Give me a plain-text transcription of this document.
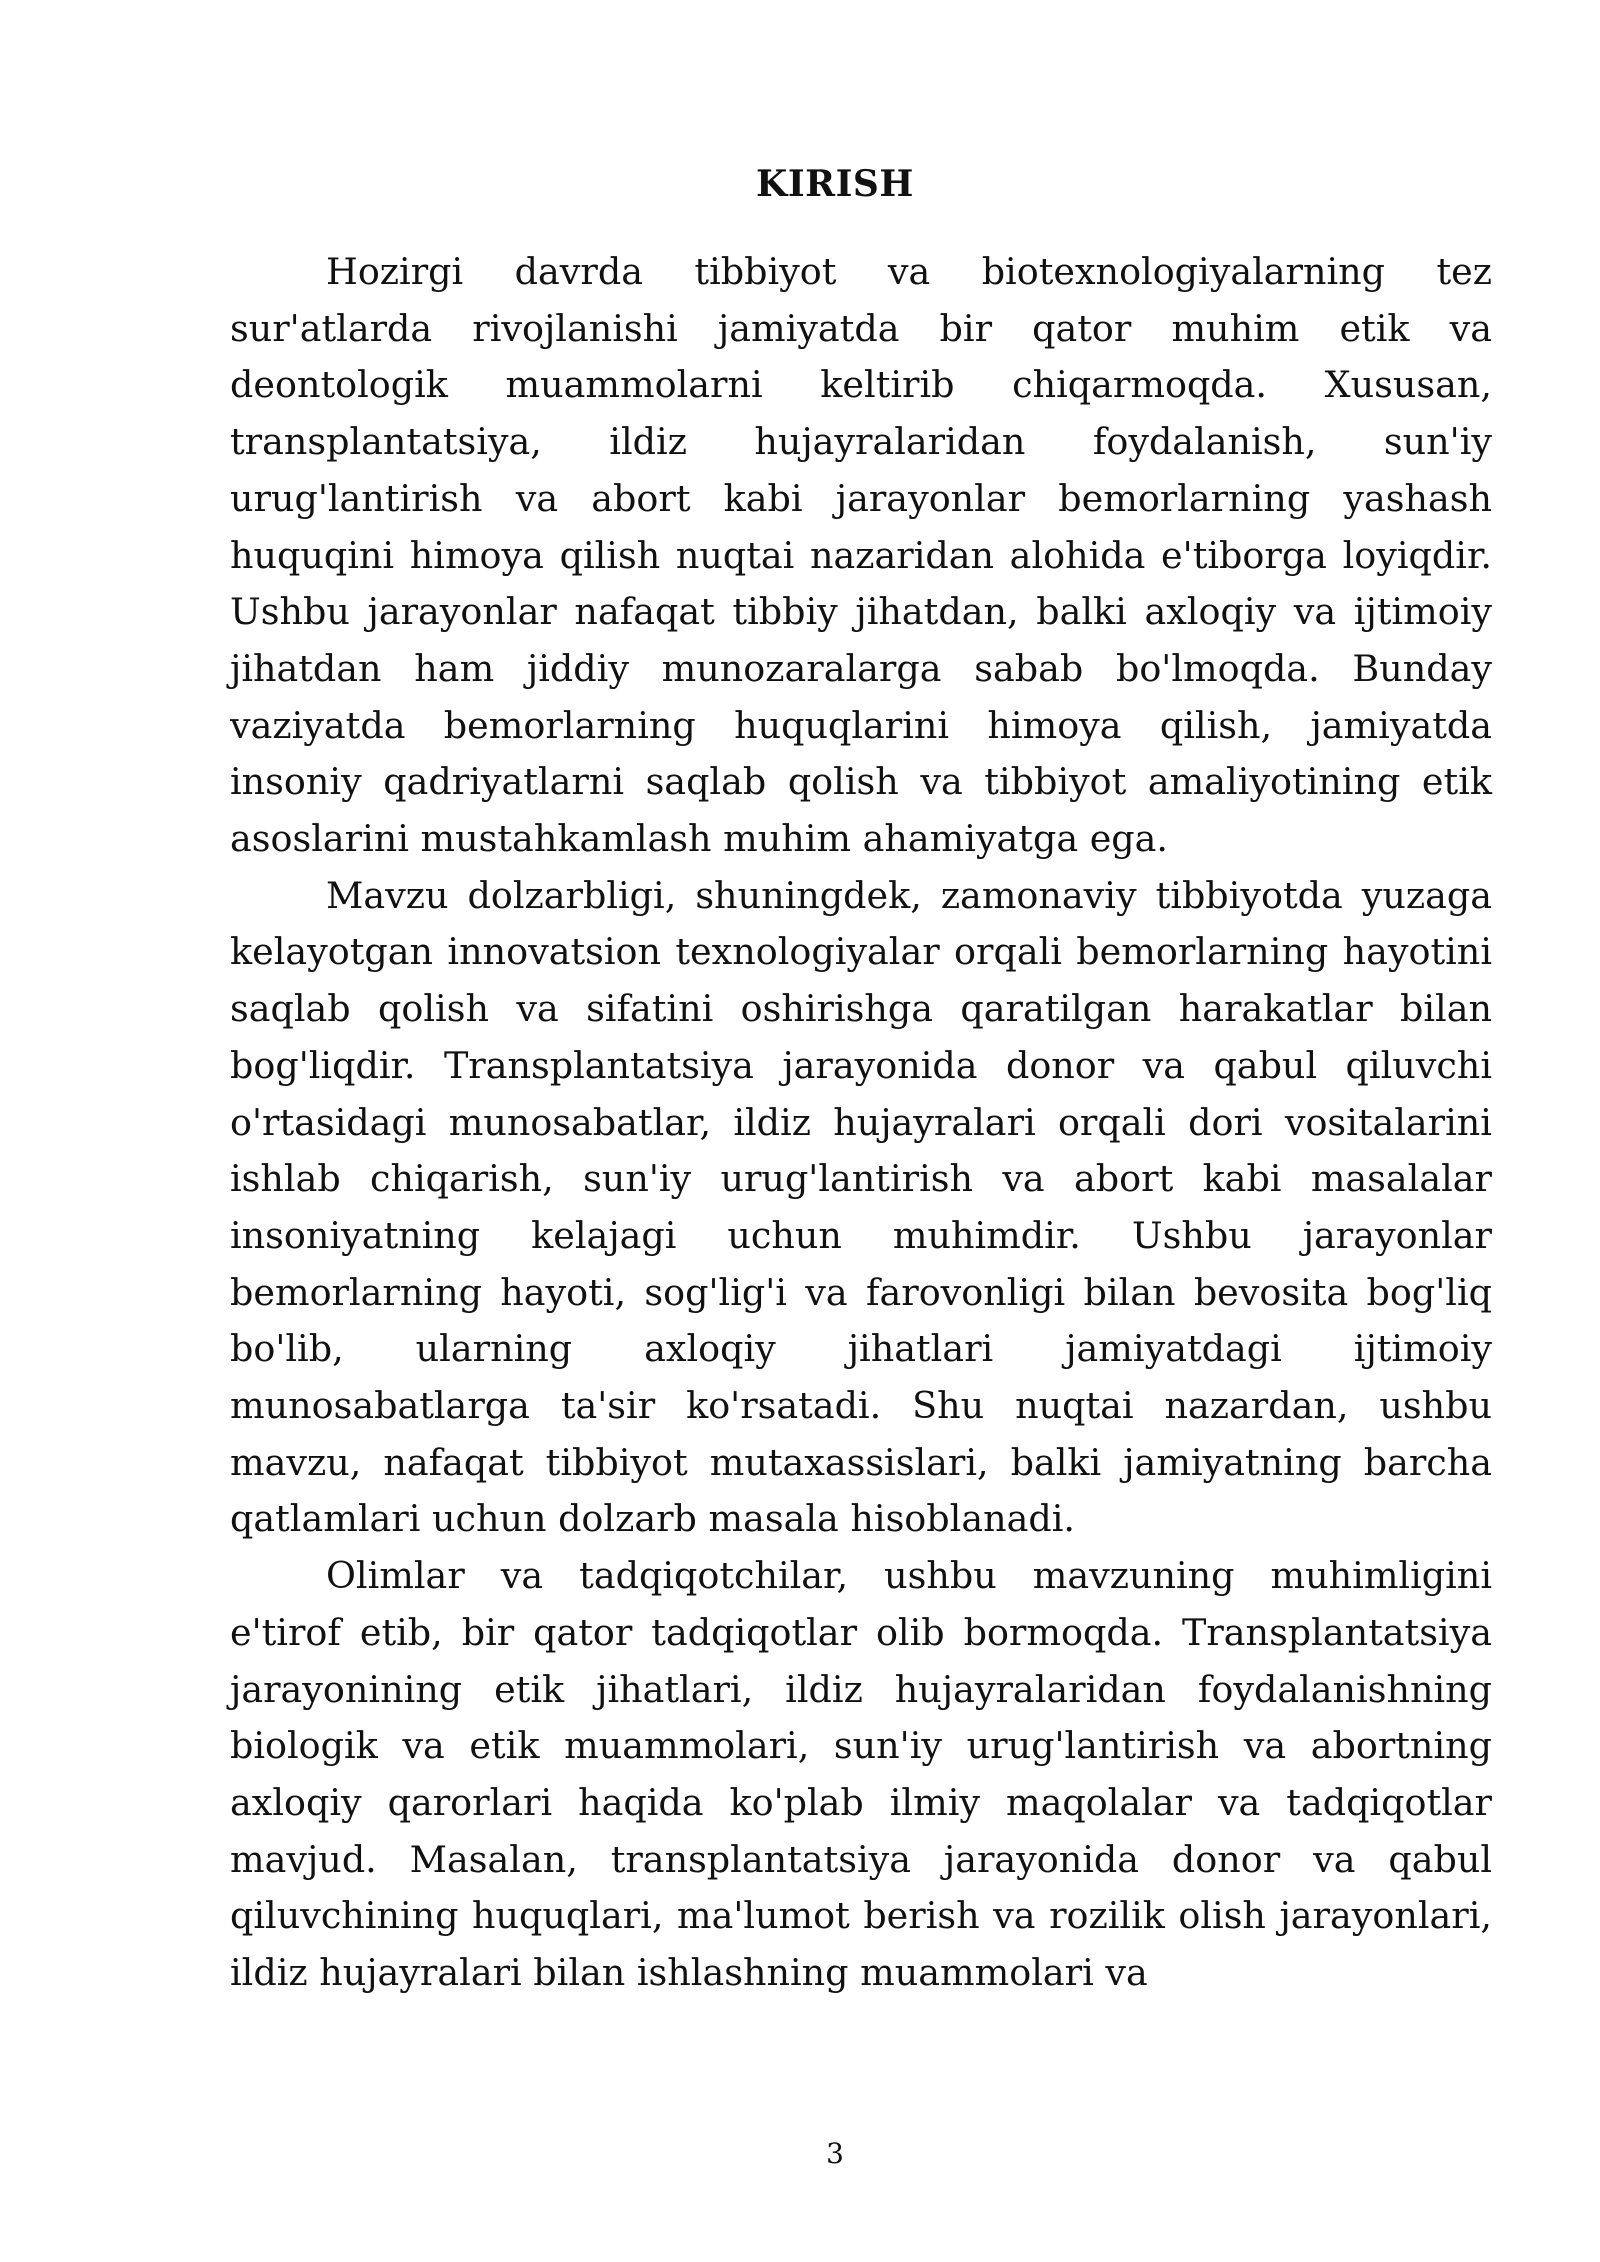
KIRISH

Hozirgi davrda tibbiyot va biotexnologiyalarning tez sur'atlarda rivojlanishi jamiyatda bir qator muhim etik va deontologik muammolarni keltirib chiqarmoqda. Xususan, transplantatsiya, ildiz hujayralaridan foydalanish, sun'iy urug'lantirish va abort kabi jarayonlar bemorlarning yashash huquqini himoya qilish nuqtai nazaridan alohida e'tiborga loyiqdir. Ushbu jarayonlar nafaqat tibbiy jihatdan, balki axloqiy va ijtimoiy jihatdan ham jiddiy munozaralarga sabab bo'lmoqda. Bunday vaziyatda bemorlarning huquqlarini himoya qilish, jamiyatda insoniy qadriyatlarni saqlab qolish va tibbiyot amaliyotining etik asoslarini mustahkamlash muhim ahamiyatga ega.

Mavzu dolzarbligi, shuningdek, zamonaviy tibbiyotda yuzaga kelayotgan innovatsion texnologiyalar orqali bemorlarning hayotini saqlab qolish va sifatini oshirishga qaratilgan harakatlar bilan bog'liqdir. Transplantatsiya jarayonida donor va qabul qiluvchi o'rtasidagi munosabatlar, ildiz hujayralari orqali dori vositalarini ishlab chiqarish, sun'iy urug'lantirish va abort kabi masalalar insoniyatning kelajagi uchun muhimdir. Ushbu jarayonlar bemorlarning hayoti, sog'lig'i va farovonligi bilan bevosita bog'liq bo'lib, ularning axloqiy jihatlari jamiyatdagi ijtimoiy munosabatlarga ta'sir ko'rsatadi. Shu nuqtai nazardan, ushbu mavzu, nafaqat tibbiyot mutaxassislari, balki jamiyatning barcha qatlamlari uchun dolzarb masala hisoblanadi.

Olimlar va tadqiqotchilar, ushbu mavzuning muhimligini e'tirof etib, bir qator tadqiqotlar olib bormoqda. Transplantatsiya jarayonining etik jihatlari, ildiz hujayralaridan foydalanishning biologik va etik muammolari, sun'iy urug'lantirish va abortning axloqiy qarorlari haqida ko'plab ilmiy maqolalar va tadqiqotlar mavjud. Masalan, transplantatsiya jarayonida donor va qabul qiluvchining huquqlari, ma'lumot berish va rozilik olish jarayonlari, ildiz hujayralari bilan ishlashning muammolari va

3
